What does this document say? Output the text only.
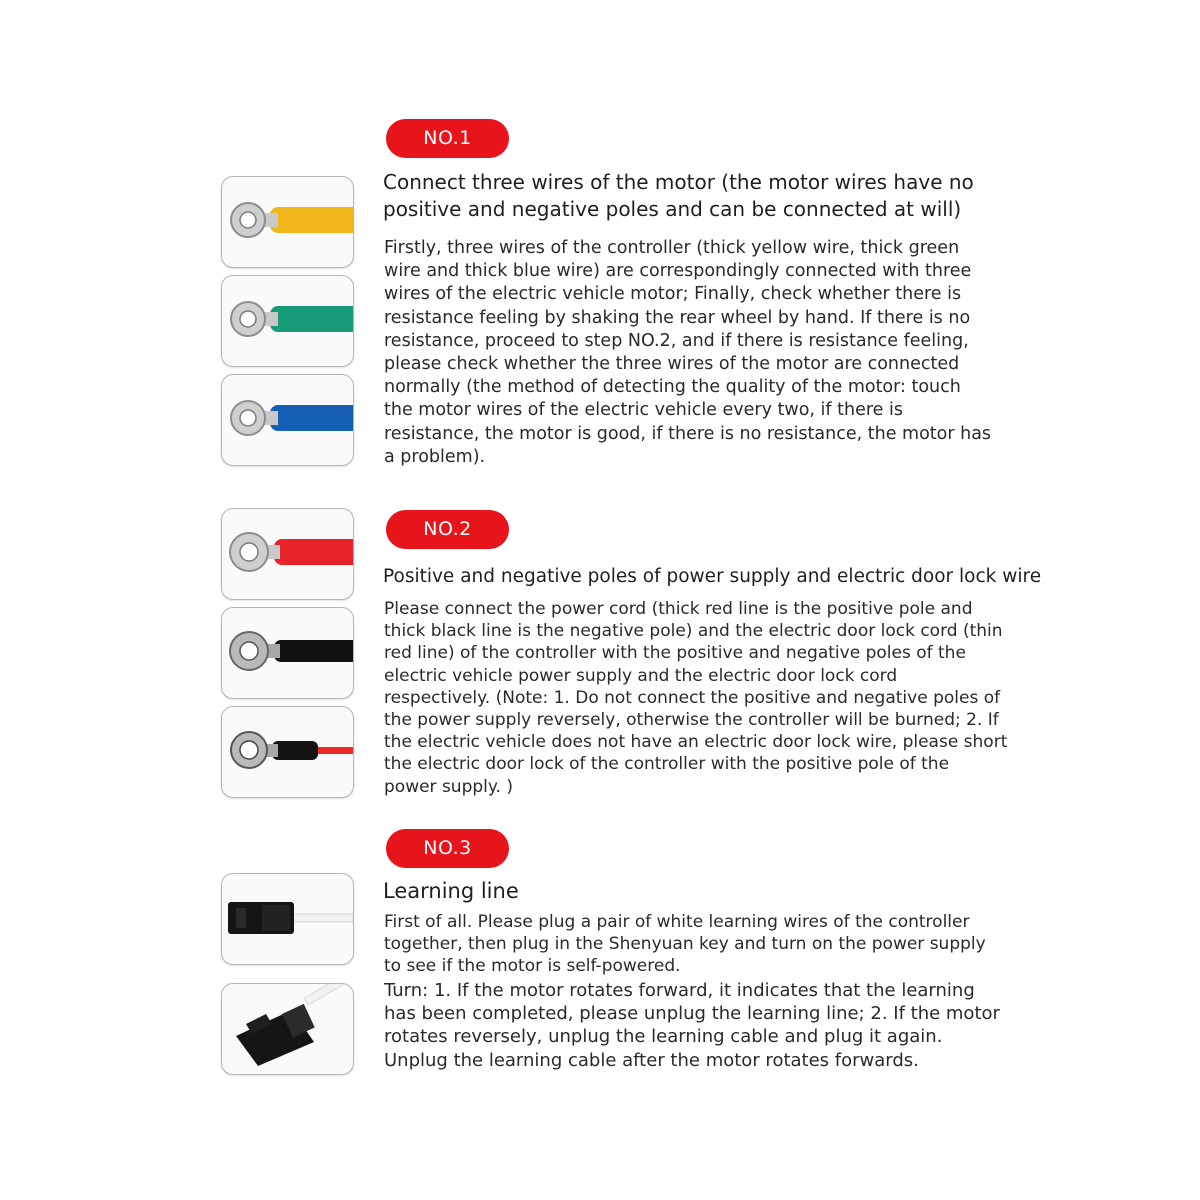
NO.1
Connect three wires of the motor (the motor wires have no
positive and negative poles and can be connected at will)

Firstly, three wires of the controller (thick yellow wire, thick green
wire and thick blue wire) are correspondingly connected with three
wires of the electric vehicle motor; Finally, check whether there is
resistance feeling by shaking the rear wheel by hand. If there is no
resistance, proceed to step NO.2, and if there is resistance feeling,
please check whether the three wires of the motor are connected
normally (the method of detecting the quality of the motor: touch
the motor wires of the electric vehicle every two, if there is
resistance, the motor is good, if there is no resistance, the motor has
a problem).

NO.2
Positive and negative poles of power supply and electric door lock wire

Please connect the power cord (thick red line is the positive pole and
thick black line is the negative pole) and the electric door lock cord (thin
red line) of the controller with the positive and negative poles of the
electric vehicle power supply and the electric door lock cord
respectively. (Note: 1. Do not connect the positive and negative poles of
the power supply reversely, otherwise the controller will be burned; 2. If
the electric vehicle does not have an electric door lock wire, please short
the electric door lock of the controller with the positive pole of the
power supply. )

NO.3
Learning line

First of all. Please plug a pair of white learning wires of the controller
together, then plug in the Shenyuan key and turn on the power supply
to see if the motor is self-powered.

Turn: 1. If the motor rotates forward, it indicates that the learning
has been completed, please unplug the learning line; 2. If the motor
rotates reversely, unplug the learning cable and plug it again.
Unplug the learning cable after the motor rotates forwards.
